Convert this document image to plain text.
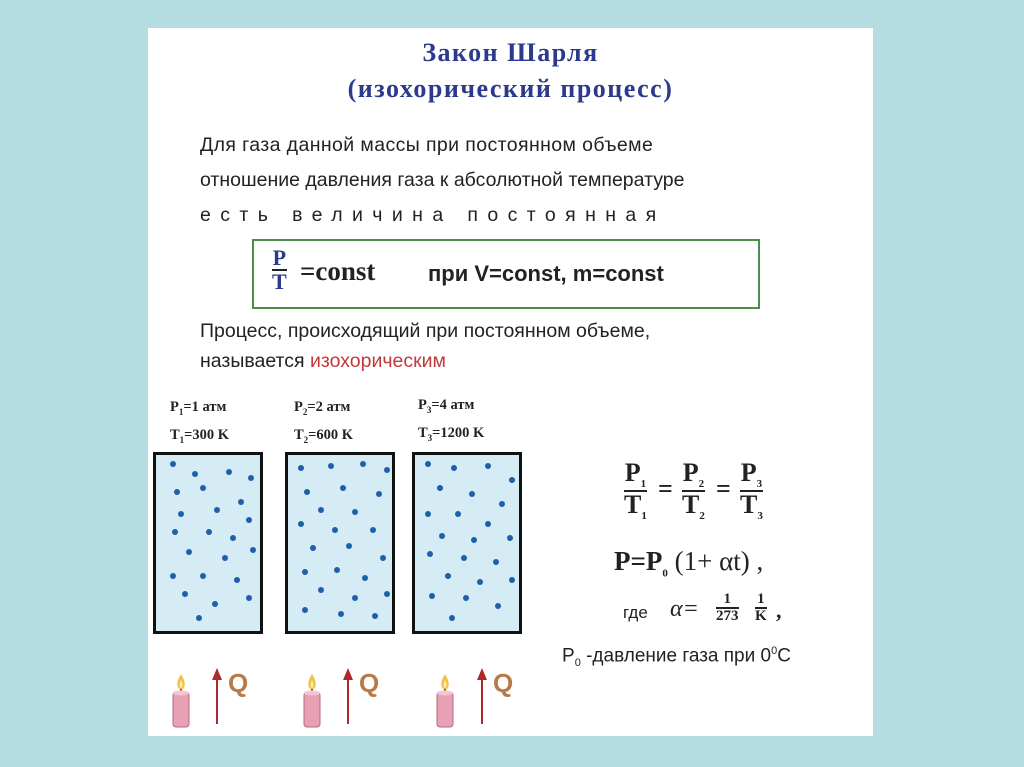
Закон Шарля
(изохорический процесс)
Для газа данной массы при постоянном объеме
отношение давления газа к абсолютной температуре
есть величина постоянная
P
T =const при V=const, m=const
Процесс, происходящий при постоянном объеме,
называется изохорическим
$P_1=1$ атм
$T_1=300$ K
$P_2=2$ атм
$T_2=600$ K
$P_3=4$ атм
$T_3=1200$ K
Q	Q	Q
$P_1$
$T_1$
=
$P_2$
$T_2$
=
$P_3$
$T_3$
$P=P_0$ (1+ αt) ,
где α= 1
273
1
K ,
$P_0$ -давление газа при $0^0C$
